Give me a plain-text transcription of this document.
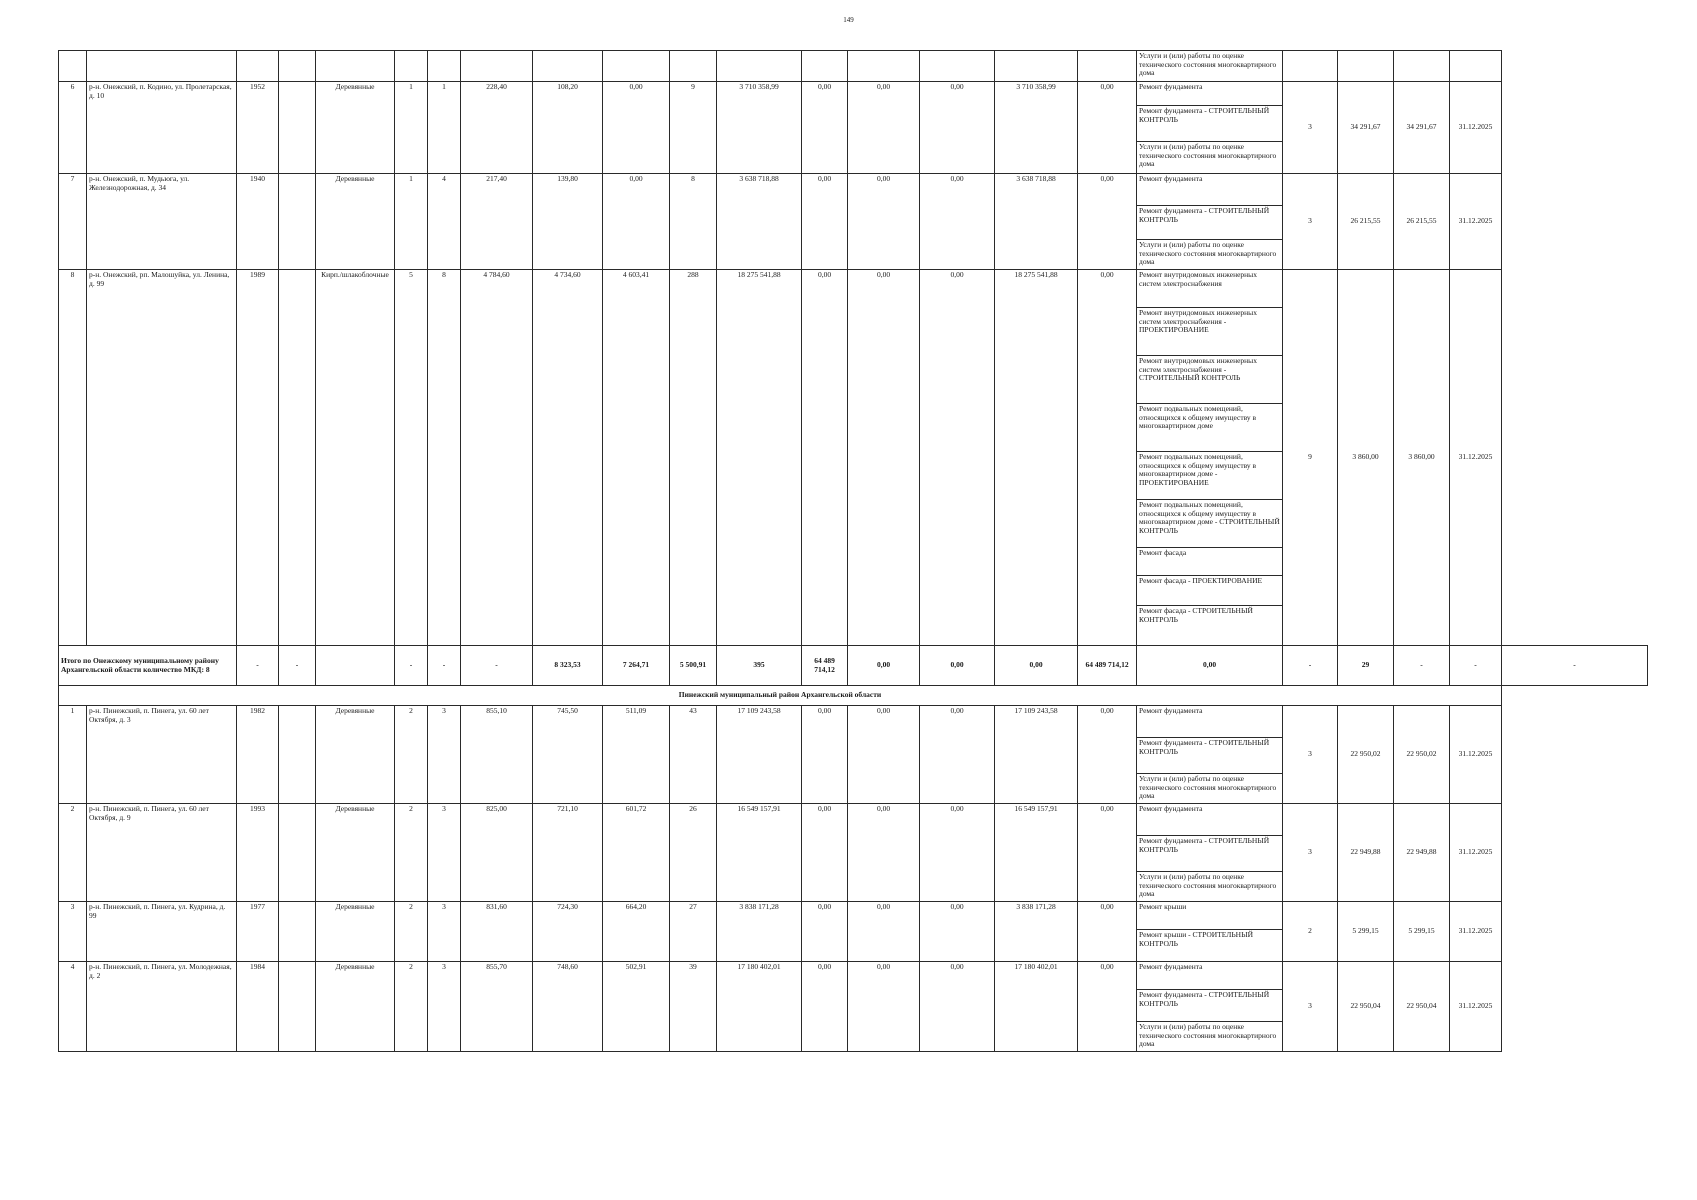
149
																	Услуги и (или) работы по оценке технического состояния многоквартирного дома					
6	р-н. Онежский, п. Кодино, ул. Пролетарская, д. 10	1952		Деревянные	1	1	228,40	108,20	0,00	9	3 710 358,99	0,00	0,00	0,00	3 710 358,99	0,00	Ремонт фундамента	3	34 291,67	34 291,67	31.12.2025	
																	Ремонт фундамента - СТРОИТЕЛЬНЫЙ КОНТРОЛЬ					
																	Услуги и (или) работы по оценке технического состояния многоквартирного дома					
7	р-н. Онежский, п. Мудьюга, ул. Железнодорожная, д. 34	1940		Деревянные	1	4	217,40	139,80	0,00	8	3 638 718,88	0,00	0,00	0,00	3 638 718,88	0,00	Ремонт фундамента	3	26 215,55	26 215,55	31.12.2025	
																	Ремонт фундамента - СТРОИТЕЛЬНЫЙ КОНТРОЛЬ					
																	Услуги и (или) работы по оценке технического состояния многоквартирного дома					
8	р-н. Онежский, рп. Малошуйка, ул. Ленина, д. 99	1989		Кирп./шлакоблочные	5	8	4 784,60	4 734,60	4 603,41	288	18 275 541,88	0,00	0,00	0,00	18 275 541,88	0,00	Ремонт внутридомовых инженерных систем электроснабжения	9	3 860,00	3 860,00	31.12.2025	
																	Ремонт внутридомовых инженерных систем электроснабжения - ПРОЕКТИРОВАНИЕ					
																	Ремонт внутридомовых инженерных систем электроснабжения - СТРОИТЕЛЬНЫЙ КОНТРОЛЬ					
																	Ремонт подвальных помещений, относящихся к общему имуществу в многоквартирном доме					
																	Ремонт подвальных помещений, относящихся к общему имуществу в многоквартирном доме - ПРОЕКТИРОВАНИЕ					
																	Ремонт подвальных помещений, относящихся к общему имуществу в многоквартирном доме - СТРОИТЕЛЬНЫЙ КОНТРОЛЬ					
																	Ремонт фасада					
																	Ремонт фасада - ПРОЕКТИРОВАНИЕ					
																	Ремонт фасада - СТРОИТЕЛЬНЫЙ КОНТРОЛЬ					
Итого по Онежскому муниципальному району Архангельской области количество МКД: 8		-	-		-	-	-	8 323,53	7 264,71	5 500,91	395	64 489 714,12	0,00	0,00	0,00	64 489 714,12	0,00	-	29	-	-	-
Пинежский муниципальный район Архангельской области																						
1	р-н. Пинежский, п. Пинега, ул. 60 лет Октября, д. 3	1982		Деревянные	2	3	855,10	745,50	511,09	43	17 109 243,58	0,00	0,00	0,00	17 109 243,58	0,00	Ремонт фундамента	3	22 950,02	22 950,02	31.12.2025	
																	Ремонт фундамента - СТРОИТЕЛЬНЫЙ КОНТРОЛЬ					
																	Услуги и (или) работы по оценке технического состояния многоквартирного дома					
2	р-н. Пинежский, п. Пинега, ул. 60 лет Октября, д. 9	1993		Деревянные	2	3	825,00	721,10	601,72	26	16 549 157,91	0,00	0,00	0,00	16 549 157,91	0,00	Ремонт фундамента	3	22 949,88	22 949,88	31.12.2025	
																	Ремонт фундамента - СТРОИТЕЛЬНЫЙ КОНТРОЛЬ					
																	Услуги и (или) работы по оценке технического состояния многоквартирного дома					
3	р-н. Пинежский, п. Пинега, ул. Кудрина, д. 99	1977		Деревянные	2	3	831,60	724,30	664,20	27	3 838 171,28	0,00	0,00	0,00	3 838 171,28	0,00	Ремонт крыши	2	5 299,15	5 299,15	31.12.2025	
																	Ремонт крыши - СТРОИТЕЛЬНЫЙ КОНТРОЛЬ					
4	р-н. Пинежский, п. Пинега, ул. Молодежная, д. 2	1984		Деревянные	2	3	855,70	748,60	502,91	39	17 180 402,01	0,00	0,00	0,00	17 180 402,01	0,00	Ремонт фундамента	3	22 950,04	22 950,04	31.12.2025	
																	Ремонт фундамента - СТРОИТЕЛЬНЫЙ КОНТРОЛЬ					
																	Услуги и (или) работы по оценке технического состояния многоквартирного дома					
